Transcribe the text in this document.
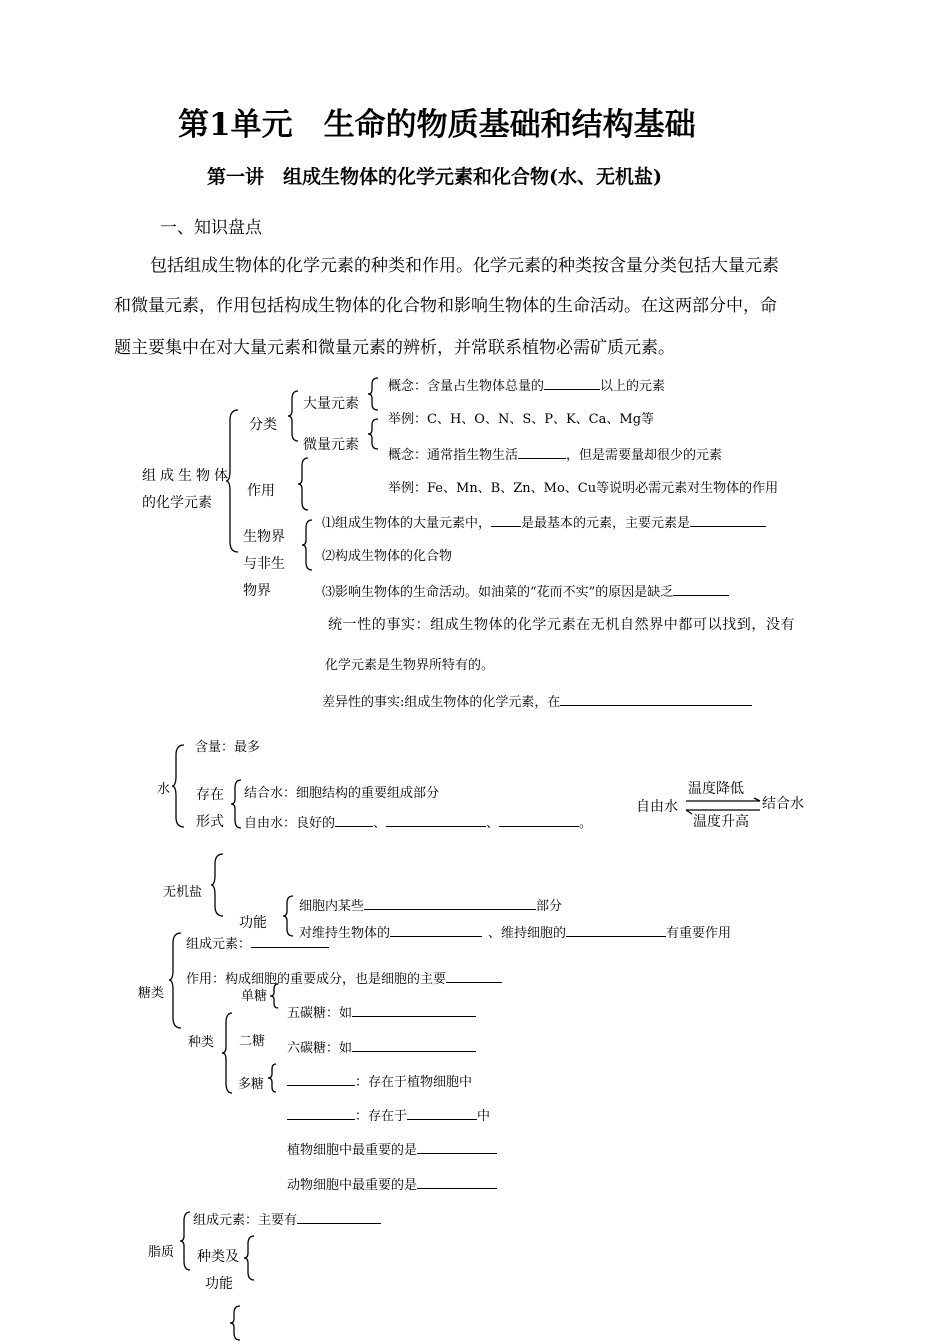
第1单元　生命的物质基础和结构基础
第一讲　组成生物体的化学元素和化合物(水、无机盐)
一、知识盘点
包括组成生物体的化学元素的种类和作用。化学元素的种类按含量分类包括大量元素
和微量元素，作用包括构成生物体的化合物和影响生物体的生命活动。在这两部分中，命
题主要集中在对大量元素和微量元素的辨析，并常联系植物必需矿质元素。
组成生物体
的化学元素
分类
大量元素
微量元素
概念：含量占生物体总量的	以上的元素
举例：C、H、O、N、S、P、K、Ca、Mg等
概念：通常指生物生活	，但是需要量却很少的元素
举例：Fe、Mn、B、Zn、Mo、Cu等说明必需元素对生物体的作用
作用
生物界
与非生
物界
⑴组成生物体的大量元素中， 是最基本的元素，主要元素是
⑵构成生物体的化合物
⑶影响生物体的生命活动。如油菜的“花而不实”的原因是缺乏
统一性的事实：组成生物体的化学元素在无机自然界中都可以找到，没有
化学元素是生物界所特有的。
差异性的事实:组成生物体的化学元素，在
水
含量：最多
存在
形式
结合水：细胞结构的重要组成部分
自由水：良好的	、	、	。
自由水	结合水
温度降低
温度升高
无机盐
功能
细胞内某些	部分
对维持生物体的	、维持细胞的	有重要作用
糖类
组成元素：
作用：构成细胞的重要成分，也是细胞的主要
种类
单糖
二糖
多糖
五碳糖：如
六碳糖：如
：存在于植物细胞中
：存在于	中
植物细胞中最重要的是
动物细胞中最重要的是
脂质
组成元素：主要有
种类及
功能
